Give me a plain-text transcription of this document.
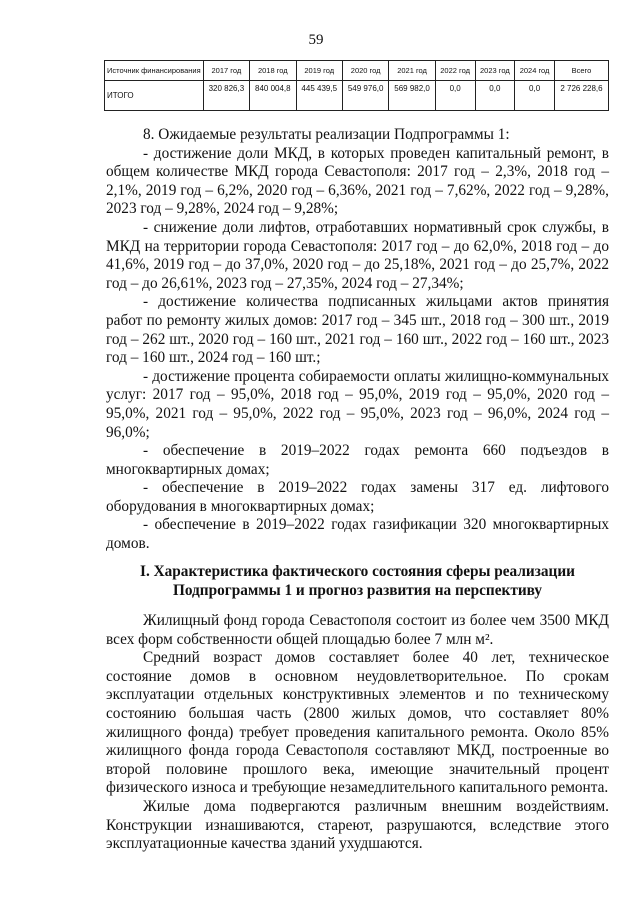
59
Источник финансирования	2017 год	2018 год	2019 год	2020 год	2021 год	2022 год	2023 год	2024 год	Всего
ИТОГО	320 826,3	840 004,8	445 439,5	549 976,0	569 982,0	0,0	0,0	0,0	2 726 228,6

8. Ожидаемые результаты реализации Подпрограммы 1:

- достижение доли МКД, в которых проведен капитальный ремонт, в общем количестве МКД города Севастополя: 2017 год – 2,3%, 2018 год – 2,1%, 2019 год – 6,2%, 2020 год – 6,36%, 2021 год – 7,62%, 2022 год – 9,28%, 2023 год – 9,28%, 2024 год – 9,28%;

- снижение доли лифтов, отработавших нормативный срок службы, в МКД на территории города Севастополя: 2017 год – до 62,0%, 2018 год – до 41,6%, 2019 год – до 37,0%, 2020 год – до 25,18%, 2021 год – до 25,7%, 2022 год – до 26,61%, 2023 год – 27,35%, 2024 год – 27,34%;

- достижение количества подписанных жильцами актов принятия работ по ремонту жилых домов: 2017 год – 345 шт., 2018 год – 300 шт., 2019 год – 262 шт., 2020 год – 160 шт., 2021 год – 160 шт., 2022 год – 160 шт., 2023 год – 160 шт., 2024 год – 160 шт.;

- достижение процента собираемости оплаты жилищно-коммунальных услуг: 2017 год – 95,0%, 2018 год – 95,0%, 2019 год – 95,0%, 2020 год – 95,0%, 2021 год – 95,0%, 2022 год – 95,0%, 2023 год – 96,0%, 2024 год – 96,0%;

- обеспечение в 2019–2022 годах ремонта 660 подъездов в многоквартирных домах;

- обеспечение в 2019–2022 годах замены 317 ед. лифтового оборудования в многоквартирных домах;

- обеспечение в 2019–2022 годах газификации 320 многоквартирных домов.

I. Характеристика фактического состояния сферы реализации

Подпрограммы 1 и прогноз развития на перспективу

Жилищный фонд города Севастополя состоит из более чем 3500 МКД всех форм собственности общей площадью более 7 млн м².

Средний возраст домов составляет более 40 лет, техническое состояние домов в основном неудовлетворительное. По срокам эксплуатации отдельных конструктивных элементов и по техническому состоянию большая часть (2800 жилых домов, что составляет 80% жилищного фонда) требует проведения капитального ремонта. Около 85% жилищного фонда города Севастополя составляют МКД, построенные во второй половине прошлого века, имеющие значительный процент физического износа и требующие незамедлительного капитального ремонта.

Жилые дома подвергаются различным внешним воздействиям. Конструкции изнашиваются, стареют, разрушаются, вследствие этого эксплуатационные качества зданий ухудшаются.
